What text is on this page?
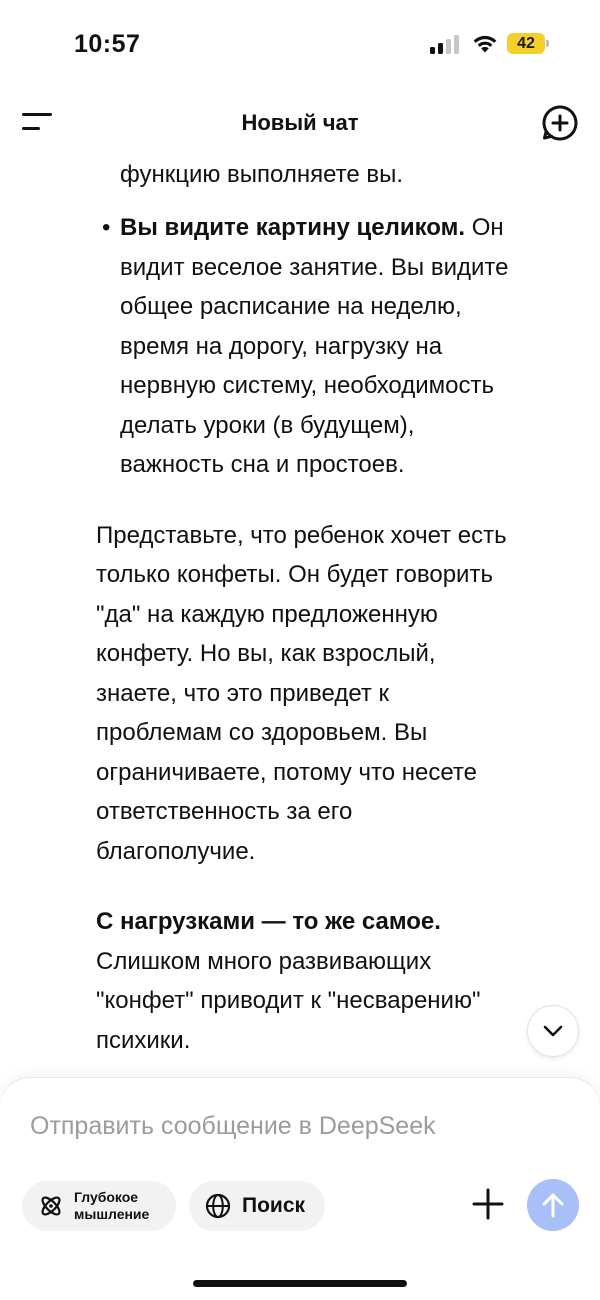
10:57	42
Новый чат
функцию выполняете вы.
• Вы видите картину целиком. Он
видит веселое занятие. Вы видите
общее расписание на неделю,
время на дорогу, нагрузку на
нервную систему, необходимость
делать уроки (в будущем),
важность сна и простоев.
Представьте, что ребенок хочет есть
только конфеты. Он будет говорить
"да" на каждую предложенную
конфету. Но вы, как взрослый,
знаете, что это приведет к
проблемам со здоровьем. Вы
ограничиваете, потому что несете
ответственность за его
благополучие.
С нагрузками — то же самое.
Слишком много развивающих
"конфет" приводит к "несварению"
психики.
Отправить сообщение в DeepSeek
Глубокое
мышление	Поиск
